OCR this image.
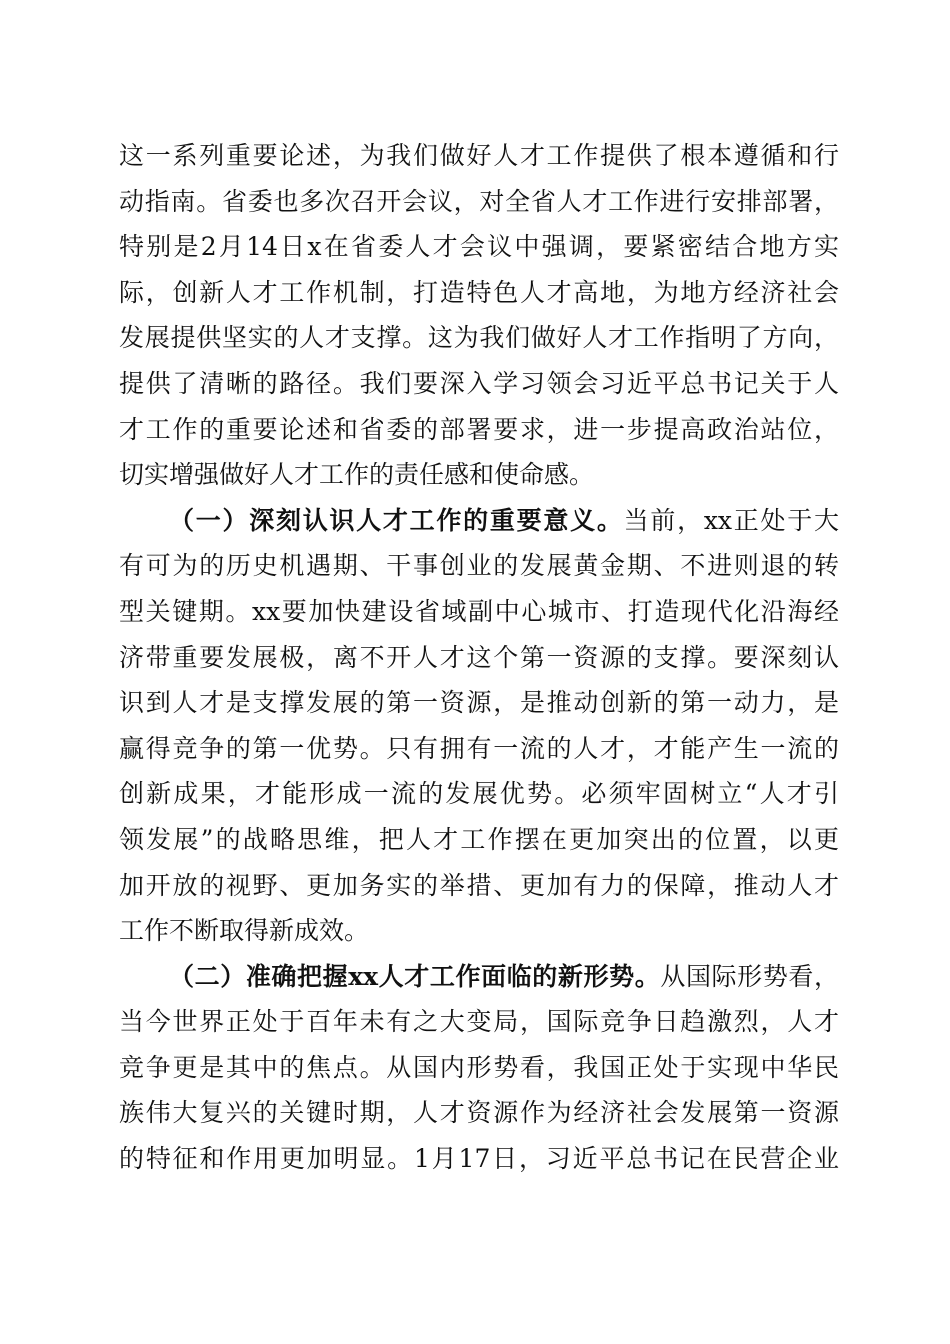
这一系列重要论述，为我们做好人才工作提供了根本遵循和行
动指南。省委也多次召开会议，对全省人才工作进行安排部署，
特别是2月14日x在省委人才会议中强调，要紧密结合地方实
际，创新人才工作机制，打造特色人才高地，为地方经济社会
发展提供坚实的人才支撑。这为我们做好人才工作指明了方向，
提供了清晰的路径。我们要深入学习领会习近平总书记关于人
才工作的重要论述和省委的部署要求，进一步提高政治站位，
切实增强做好人才工作的责任感和使命感。
（一）深刻认识人才工作的重要意义。当前，xx正处于大
有可为的历史机遇期、干事创业的发展黄金期、不进则退的转
型关键期。xx要加快建设省域副中心城市、打造现代化沿海经
济带重要发展极，离不开人才这个第一资源的支撑。要深刻认
识到人才是支撑发展的第一资源，是推动创新的第一动力，是
赢得竞争的第一优势。只有拥有一流的人才，才能产生一流的
创新成果，才能形成一流的发展优势。必须牢固树立“人才引
领发展”的战略思维，把人才工作摆在更加突出的位置，以更
加开放的视野、更加务实的举措、更加有力的保障，推动人才
工作不断取得新成效。
（二）准确把握xx人才工作面临的新形势。从国际形势看，
当今世界正处于百年未有之大变局，国际竞争日趋激烈，人才
竞争更是其中的焦点。从国内形势看，我国正处于实现中华民
族伟大复兴的关键时期，人才资源作为经济社会发展第一资源
的特征和作用更加明显。1月17日，习近平总书记在民营企业
